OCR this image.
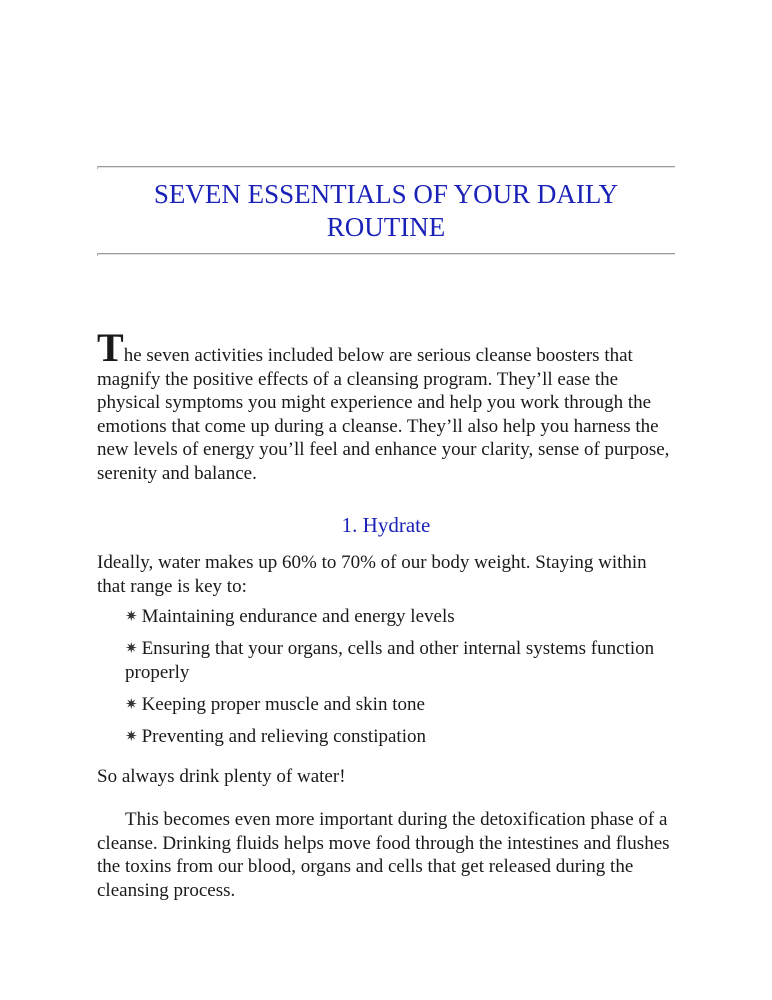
SEVEN ESSENTIALS OF YOUR DAILY ROUTINE

The seven activities included below are serious cleanse boosters that magnify the positive effects of a cleansing program. They’ll ease the physical symptoms you might experience and help you work through the emotions that come up during a cleanse. They’ll also help you harness the new levels of energy you’ll feel and enhance your clarity, sense of purpose, serenity and balance.

1. Hydrate

Ideally, water makes up 60% to 70% of our body weight. Staying within that range is key to:

✷ Maintaining endurance and energy levels
✷ Ensuring that your organs, cells and other internal systems function properly
✷ Keeping proper muscle and skin tone
✷ Preventing and relieving constipation

So always drink plenty of water!

This becomes even more important during the detoxification phase of a cleanse. Drinking fluids helps move food through the intestines and flushes the toxins from our blood, organs and cells that get released during the cleansing process.
